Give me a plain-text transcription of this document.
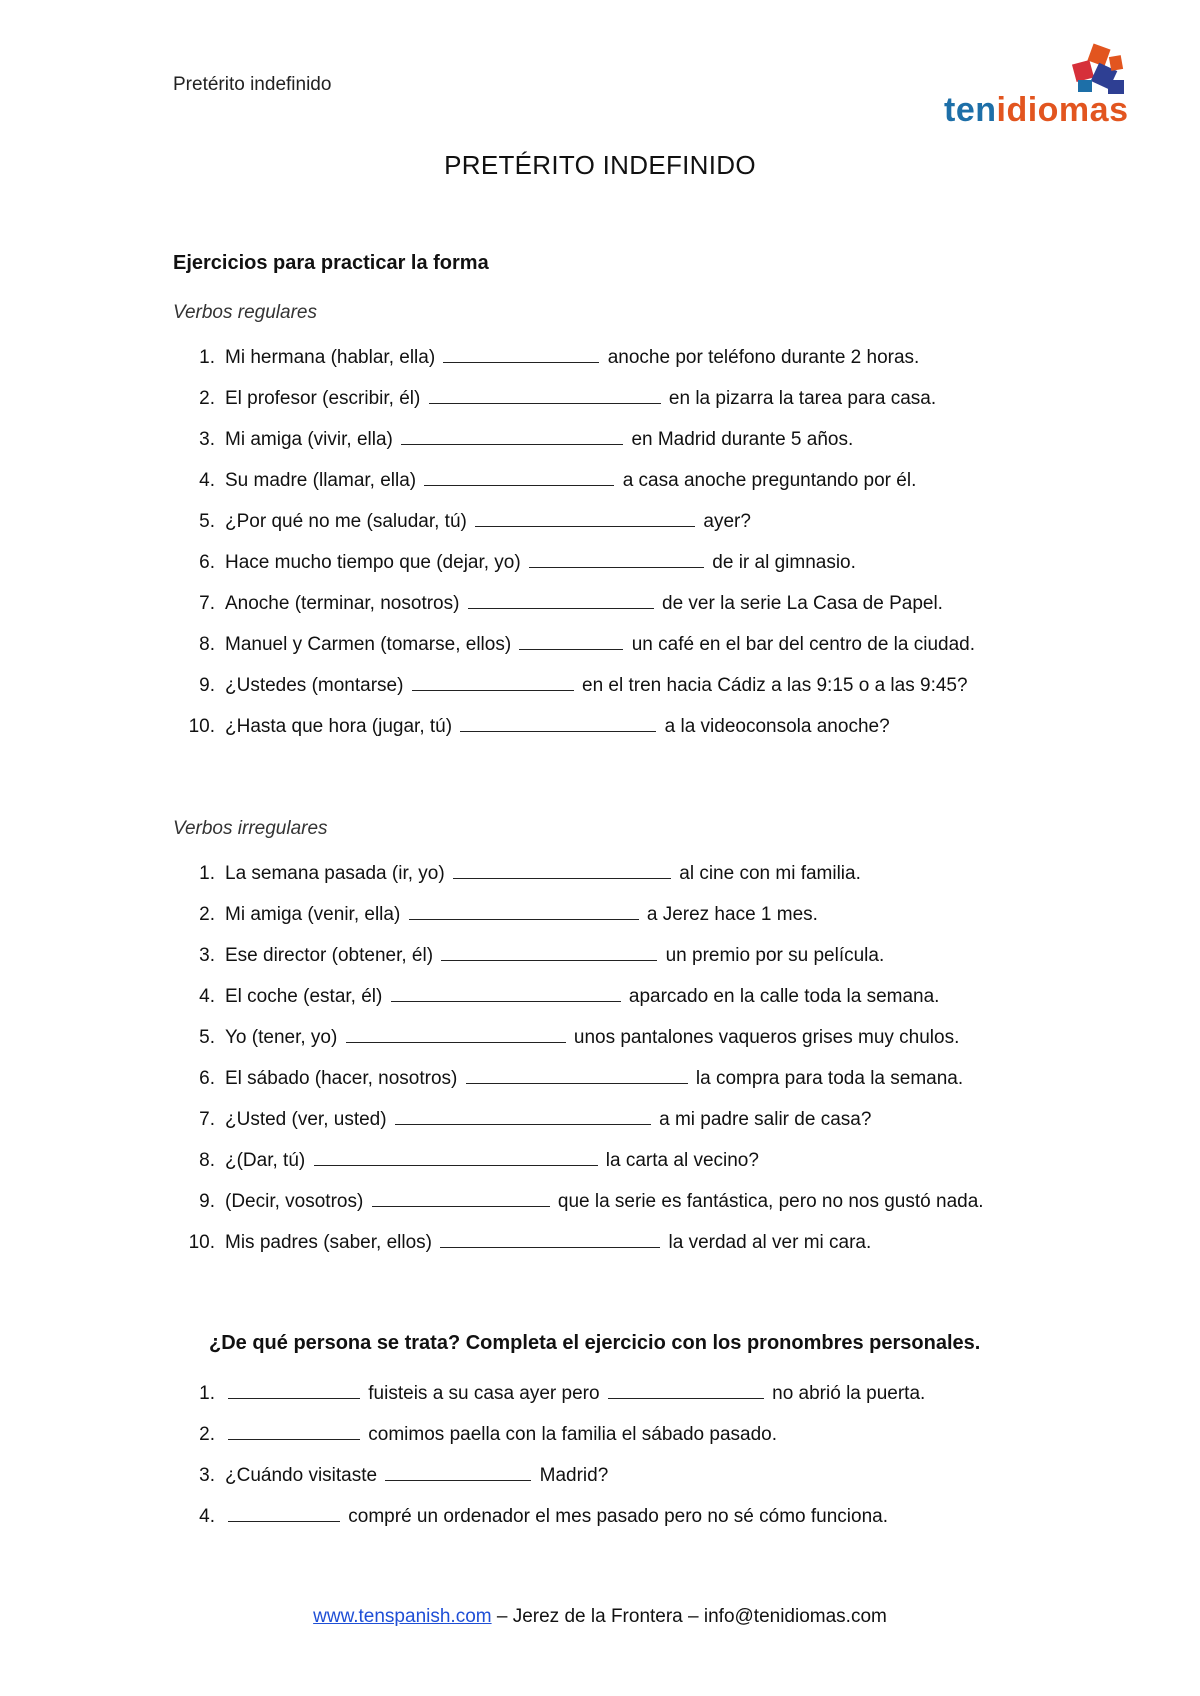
Pretérito indefinido
tenidiomas
PRETÉRITO INDEFINIDO
Ejercicios para practicar la forma
Verbos regulares
1. Mi hermana (hablar, ella)	anoche por teléfono durante 2 horas.
2. El profesor (escribir, él)	en la pizarra la tarea para casa.
3. Mi amiga (vivir, ella)	en Madrid durante 5 años.
4. Su madre (llamar, ella)	a casa anoche preguntando por él.
5. ¿Por qué no me (saludar, tú)	ayer?
6. Hace mucho tiempo que (dejar, yo)	de ir al gimnasio.
7. Anoche (terminar, nosotros)	de ver la serie La Casa de Papel.
8. Manuel y Carmen (tomarse, ellos)	un café en el bar del centro de la ciudad.
9. ¿Ustedes (montarse)	en el tren hacia Cádiz a las 9:15 o a las 9:45?
10. ¿Hasta que hora (jugar, tú)	a la videoconsola anoche?
Verbos irregulares
1. La semana pasada (ir, yo)	al cine con mi familia.
2. Mi amiga (venir, ella)	a Jerez hace 1 mes.
3. Ese director (obtener, él)	un premio por su película.
4. El coche (estar, él)	aparcado en la calle toda la semana.
5. Yo (tener, yo)	unos pantalones vaqueros grises muy chulos.
6. El sábado (hacer, nosotros)	la compra para toda la semana.
7. ¿Usted (ver, usted)	a mi padre salir de casa?
8. ¿(Dar, tú)	la carta al vecino?
9. (Decir, vosotros)	que la serie es fantástica, pero no nos gustó nada.
10. Mis padres (saber, ellos)	la verdad al ver mi cara.
¿De qué persona se trata? Completa el ejercicio con los pronombres personales.
1.	fuisteis a su casa ayer pero	no abrió la puerta.
2.	comimos paella con la familia el sábado pasado.
3. ¿Cuándo visitaste	Madrid?
4.	compré un ordenador el mes pasado pero no sé cómo funciona.
www.tenspanish.com – Jerez de la Frontera – info@tenidiomas.com
